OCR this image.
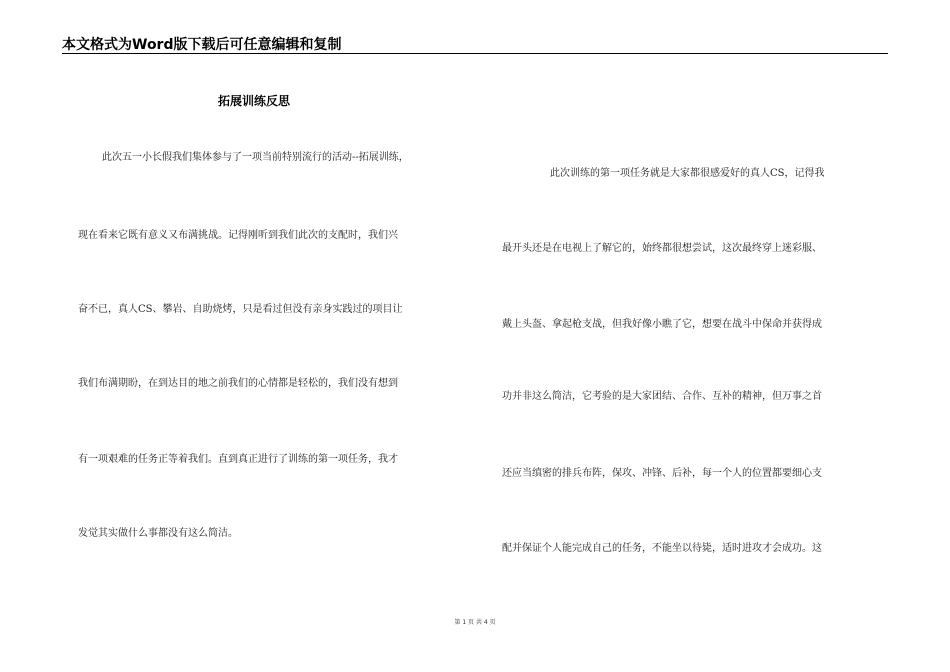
本文格式为Word版下载后可任意编辑和复制
拓展训练反思
此次五一小长假我们集体参与了一项当前特别流行的活动--拓展训练，
现在看来它既有意义又布满挑战。记得刚听到我们此次的支配时，我们兴
奋不已，真人CS、攀岩、自助烧烤，只是看过但没有亲身实践过的项目让
我们布满期盼，在到达目的地之前我们的心情都是轻松的，我们没有想到
有一项艰难的任务正等着我们。直到真正进行了训练的第一项任务，我才
发觉其实做什么事都没有这么简洁。
此次训练的第一项任务就是大家都很感爱好的真人CS，记得我
最开头还是在电视上了解它的，始终都很想尝试，这次最终穿上迷彩服、
戴上头盔、拿起枪支战，但我好像小瞧了它，想要在战斗中保命并获得成
功并非这么简洁，它考验的是大家团结、合作、互补的精神，但万事之首
还应当缜密的排兵布阵，保攻、冲锋、后补，每一个人的位置都要细心支
配并保证个人能完成自己的任务，不能坐以待毙，适时进攻才会成功。这
第 1 页 共 4 页
